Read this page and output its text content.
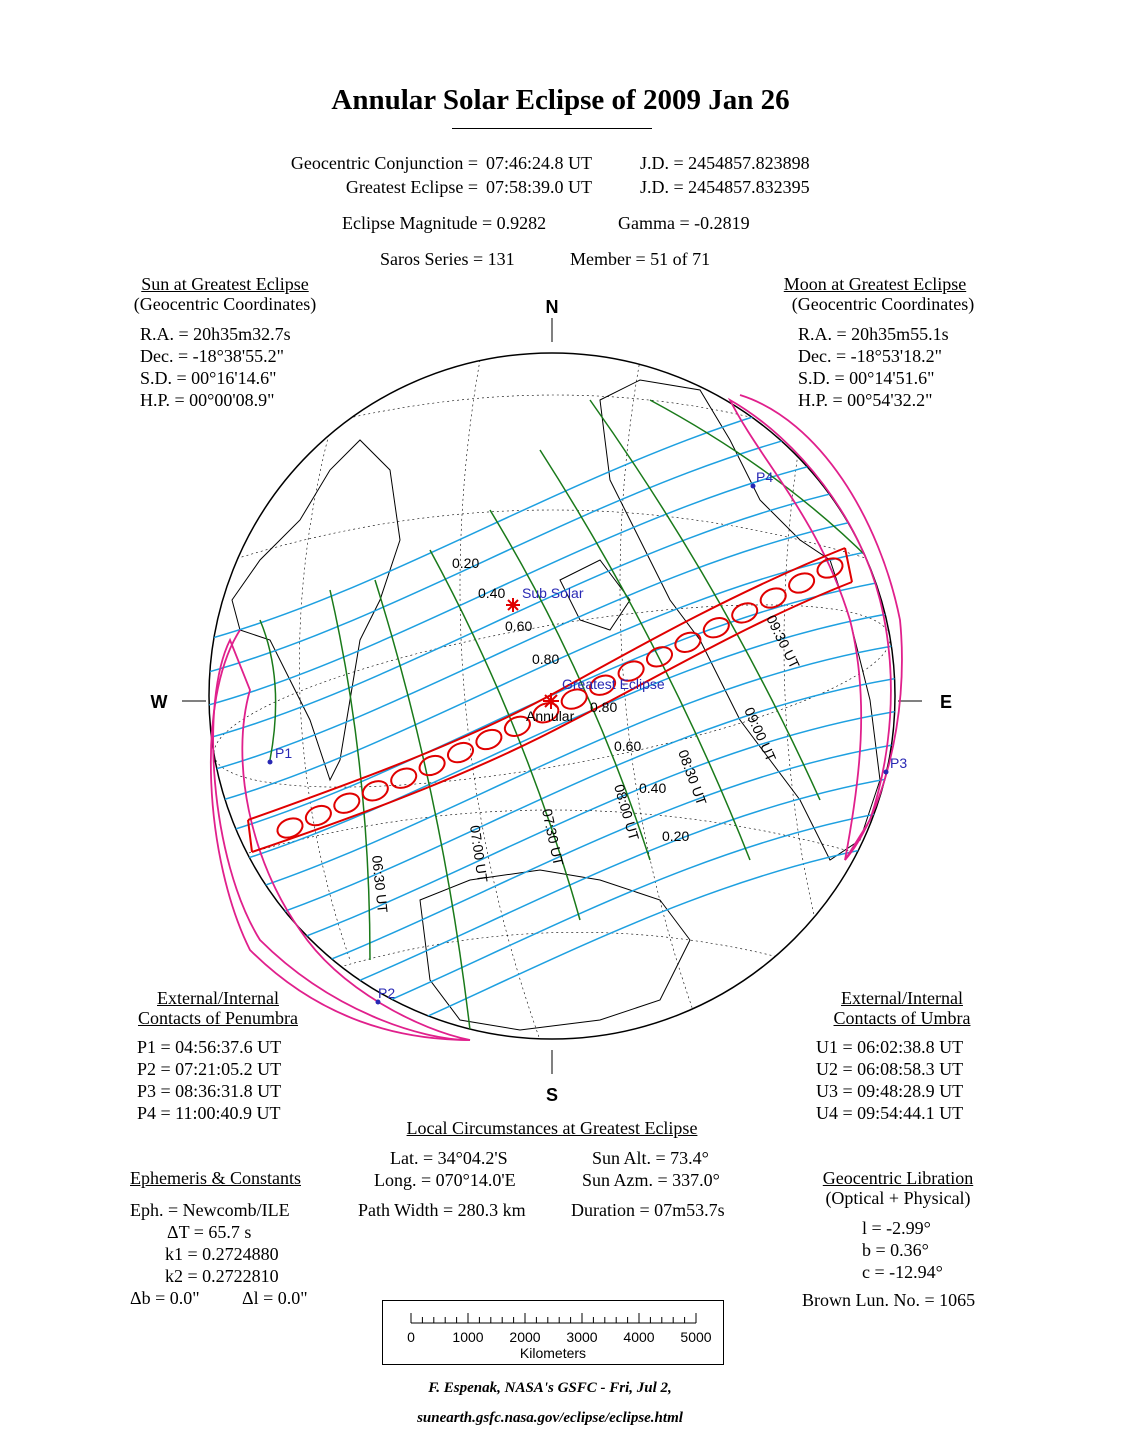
Annular Solar Eclipse of 2009 Jan 26
Geocentric Conjunction = 07:46:24.8 UT	J.D. = 2454857.823898
Greatest Eclipse = 07:58:39.0 UT	J.D. = 2454857.832395
Eclipse Magnitude = 0.9282	Gamma = -0.2819
Saros Series = 131	Member = 51 of 71
Sun at Greatest Eclipse
(Geocentric Coordinates)
R.A. = 20h35m32.7s
Dec. = -18°38'55.2"
S.D. = 00°16'14.6"
H.P. = 00°00'08.9"
Moon at Greatest Eclipse
(Geocentric Coordinates)
R.A. = 20h35m55.1s
Dec. = -18°53'18.2"
S.D. = 00°14'51.6"
H.P. = 00°54'32.2"
N
S
W	E
P1
P2
P3
P4
Sub Solar
Greatest Eclipse
Annular
0.20
0.40
0.60
0.80
0.80
0.60
0.40
0.20
09:30 UT
09:00 UT
08:30 UT
08:00 UT
07:30 UT
07:00 UT
06:30 UT
External/Internal
Contacts of Penumbra
P1 = 04:56:37.6 UT
P2 = 07:21:05.2 UT
P3 = 08:36:31.8 UT
P4 = 11:00:40.9 UT
External/Internal
Contacts of Umbra
U1 = 06:02:38.8 UT
U2 = 06:08:58.3 UT
U3 = 09:48:28.9 UT
U4 = 09:54:44.1 UT
Local Circumstances at Greatest Eclipse
Lat. = 34°04.2'S
Long. = 070°14.0'E
Sun Alt. = 73.4°
Sun Azm. = 337.0°
Path Width = 280.3 km	Duration = 07m53.7s
Ephemeris & Constants
Eph. = Newcomb/ILE
ΔT = 65.7 s
k1 = 0.2724880
k2 = 0.2722810
Δb = 0.0" Δl = 0.0"
Geocentric Libration
(Optical + Physical)
l = -2.99°
b = 0.36°
c = -12.94°
Brown Lun. No. = 1065
0	1000 2000 3000 4000 5000
Kilometers
F. Espenak, NASA's GSFC - Fri, Jul 2,
sunearth.gsfc.nasa.gov/eclipse/eclipse.html
